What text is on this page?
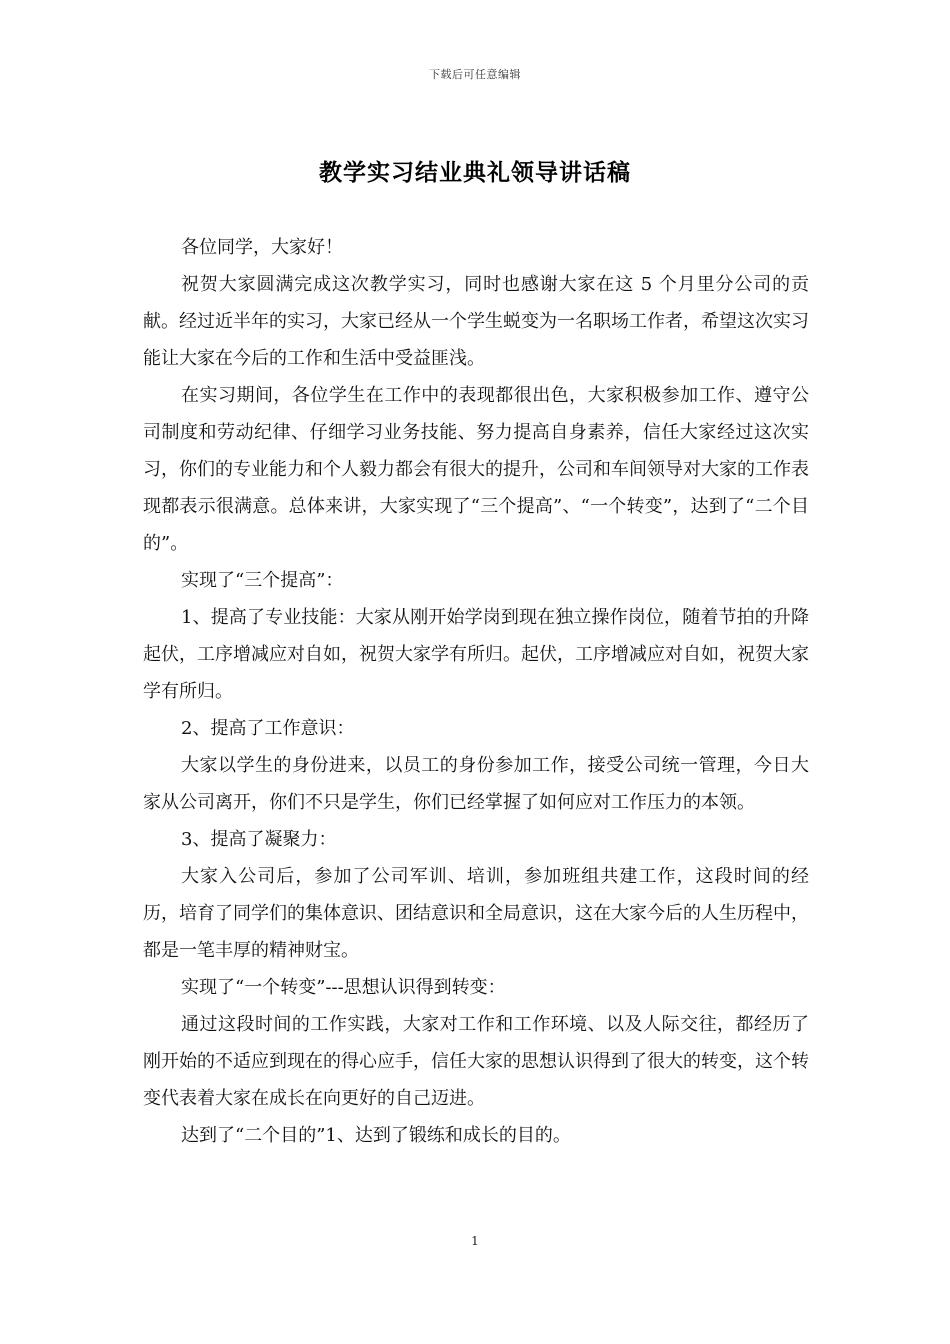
下载后可任意编辑
教学实习结业典礼领导讲话稿

各位同学，大家好！

祝贺大家圆满完成这次教学实习，同时也感谢大家在这 5 个月里分公司的贡献。经过近半年的实习，大家已经从一个学生蜕变为一名职场工作者，希望这次实习能让大家在今后的工作和生活中受益匪浅。

在实习期间，各位学生在工作中的表现都很出色，大家积极参加工作、遵守公司制度和劳动纪律、仔细学习业务技能、努力提高自身素养，信任大家经过这次实习，你们的专业能力和个人毅力都会有很大的提升，公司和车间领导对大家的工作表现都表示很满意。总体来讲，大家实现了“三个提高”、“一个转变”，达到了“二个目的”。

实现了“三个提高”：

1、提高了专业技能：大家从刚开始学岗到现在独立操作岗位，随着节拍的升降起伏，工序增减应对自如，祝贺大家学有所归。起伏，工序增减应对自如，祝贺大家学有所归。

2、提高了工作意识：

大家以学生的身份进来，以员工的身份参加工作，接受公司统一管理，今日大家从公司离开，你们不只是学生，你们已经掌握了如何应对工作压力的本领。

3、提高了凝聚力：

大家入公司后，参加了公司军训、培训，参加班组共建工作，这段时间的经历，培育了同学们的集体意识、团结意识和全局意识，这在大家今后的人生历程中，都是一笔丰厚的精神财宝。

实现了“一个转变”---思想认识得到转变：

通过这段时间的工作实践，大家对工作和工作环境、以及人际交往，都经历了刚开始的不适应到现在的得心应手，信任大家的思想认识得到了很大的转变，这个转变代表着大家在成长在向更好的自己迈进。

达到了“二个目的”1、达到了锻练和成长的目的。

1
